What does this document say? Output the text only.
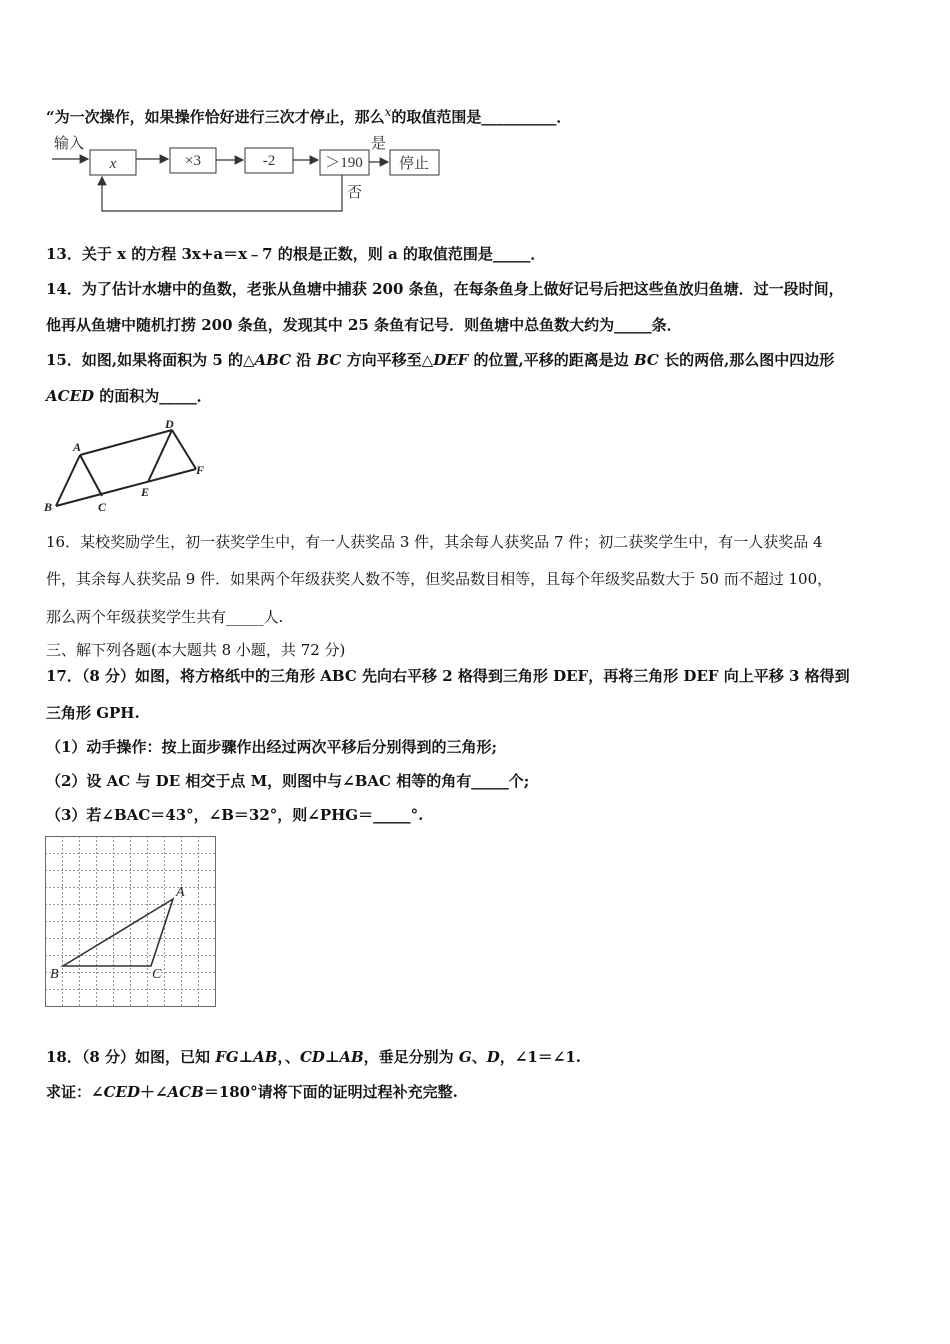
“为一次操作，如果操作恰好进行三次才停止，那么$^x$的取值范围是__________．
输入
x	×3	-2	＞190
是
停止
否
13．关于 x 的方程 3x+a＝x﹣7 的根是正数，则 a 的取值范围是_____．
14．为了估计水塘中的鱼数，老张从鱼塘中捕获 200 条鱼，在每条鱼身上做好记号后把这些鱼放归鱼塘．过一段时间，
他再从鱼塘中随机打捞 200 条鱼，发现其中 25 条鱼有记号．则鱼塘中总鱼数大约为_____条．
15．如图,如果将面积为 5 的△ABC 沿 BC 方向平移至△DEF 的位置,平移的距离是边 BC 长的两倍,那么图中四边形
ACED 的面积为_____．
A
B	C
D
E
F
16．某校奖励学生，初一获奖学生中，有一人获奖品 3 件，其余每人获奖品 7 件；初二获奖学生中，有一人获奖品 4
件，其余每人获奖品 9 件．如果两个年级获奖人数不等，但奖品数目相等，且每个年级奖品数大于 50 而不超过 100，
那么两个年级获奖学生共有_____人.
三、解下列各题(本大题共 8 小题，共 72 分)
17．（8 分）如图，将方格纸中的三角形 ABC 先向右平移 2 格得到三角形 DEF，再将三角形 DEF 向上平移 3 格得到
三角形 GPH.
（1）动手操作：按上面步骤作出经过两次平移后分别得到的三角形;
（2）设 AC 与 DE 相交于点 M，则图中与∠BAC 相等的角有_____个;
（3）若∠BAC＝43°，∠B＝32°，则∠PHG＝_____°.
A
B	C
18．（8 分）如图，已知 FG⊥AB，、CD⊥AB，垂足分别为 G、D，∠1＝∠1.
求证：∠CED＋∠ACB＝180°请将下面的证明过程补充完整.
